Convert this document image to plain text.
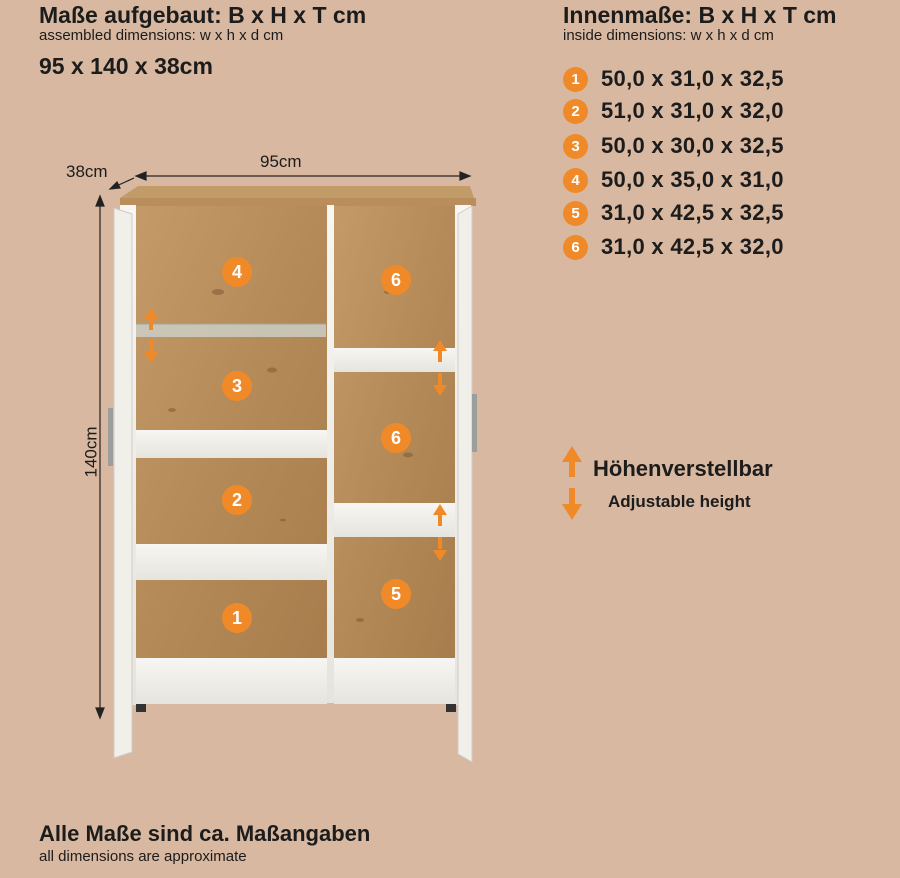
Maße aufgebaut: B x H x T cm
assembled dimensions: w x h x d cm
95 x 140 x 38cm
Innenmaße: B x H x T cm
inside dimensions: w x h x d cm
1 50,0 x 31,0 x 32,5
2 51,0 x 31,0 x 32,0
3 50,0 x 30,0 x 32,5
4 50,0 x 35,0 x 31,0
5 31,0 x 42,5 x 32,5
6 31,0 x 42,5 x 32,0
4
3
2
1
6
6
5
38cm
95cm
140cm	Höhenverstellbar
Adjustable height
Alle Maße sind ca. Maßangaben
all dimensions are approximate
